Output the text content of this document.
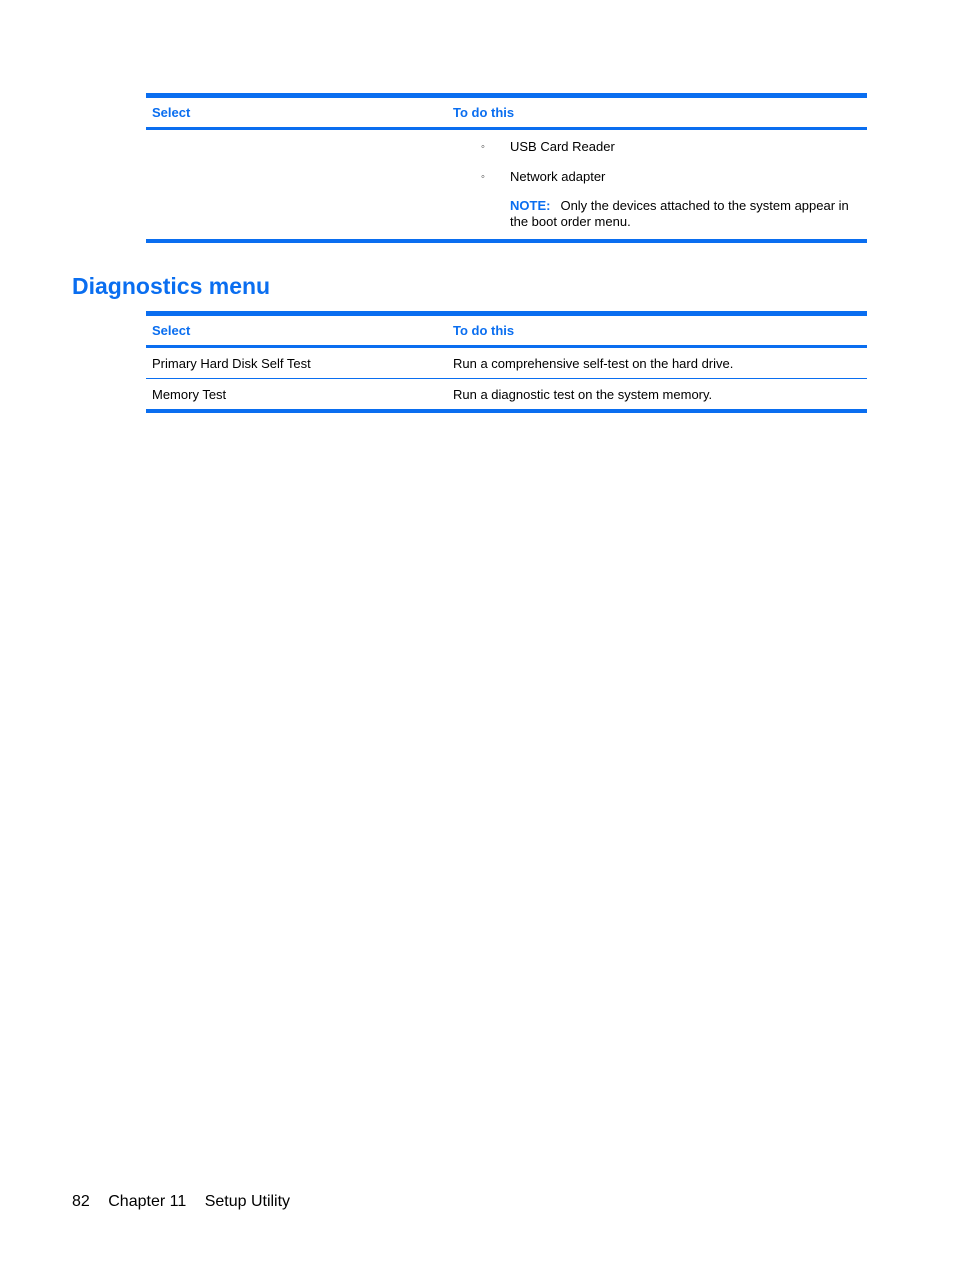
Select	To do this
◦ USB Card Reader
◦ Network adapter
NOTE: Only the devices attached to the system appear in the boot order menu.
Diagnostics menu
Select	To do this
Primary Hard Disk Self Test	Run a comprehensive self-test on the hard drive.
Memory Test	Run a diagnostic test on the system memory.
82 Chapter 11 Setup Utility
